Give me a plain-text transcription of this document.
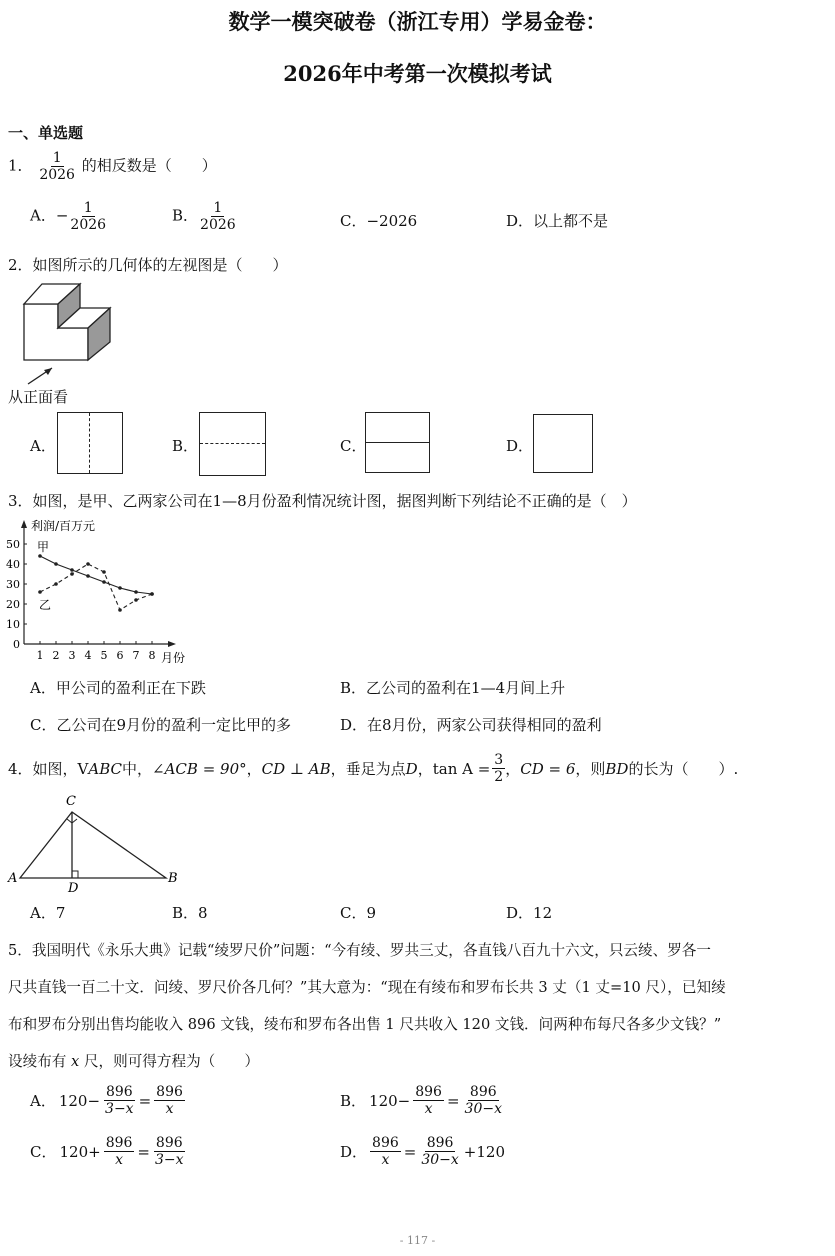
数学一模突破卷（浙江专用）学易金卷：
2026年中考第一次模拟考试
一、单选题
1． $\frac{1}{2026}$ 的相反数是（　　）
A．− $\frac{1}{2026}$	B． $\frac{1}{2026}$	C．−2026	D．以上都不是
2．如图所示的几何体的左视图是（　　）
从正面看
A．	B．	C．	D．
3．如图，是甲、乙两家公司在1—8月份盈利情况统计图，据图判断下列结论不正确的是（　）
利润/百万元
月份
甲
乙
0
10
20
30
40
50
1 2 3 4 5 6 7 8
A．甲公司的盈利正在下跌	B．乙公司的盈利在1—4月间上升
C．乙公司在9月份的盈利一定比甲的多	D．在8月份，两家公司获得相同的盈利
4．如图， V ABC 中， ∠ACB = 90° ， CD ⊥ AB ，垂足为点 D ， $\tan A = \frac{3}{2}$ ， CD = 6 ，则 BD 的长为（　　）.
A	B
C
D
A．7	B．8	C．9	D．12
5．我国明代《永乐大典》记载“绫罗尺价”问题：“今有绫、罗共三丈，各直钱八百九十六文，只云绫、罗各一
尺共直钱一百二十文．问绫、罗尺价各几何？”其大意为：“现在有绫布和罗布长共 3 丈（1 丈=10 尺），已知绫
布和罗布分别出售均能收入 896 文钱，绫布和罗布各出售 1 尺共收入 120 文钱．问两种布每尺各多少文钱？”
设绫布有 x 尺，则可得方程为（　　）
A． $120- \frac{896}{3-x} = \frac{896}{x}$	B． $120- \frac{896}{x} = \frac{896}{30-x}$
C． $120+ \frac{896}{x} = \frac{896}{3-x}$	D． $\frac{896}{x} = \frac{896}{30-x} +120$
- 117 -
